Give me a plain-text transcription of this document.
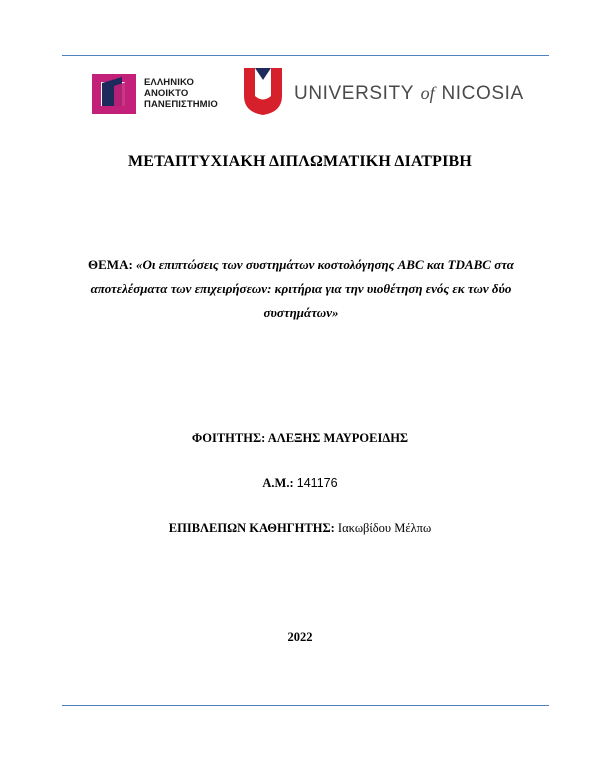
ΕΛΛΗΝΙΚΟ
ΑΝΟΙΚΤΟ
ΠΑΝΕΠΙΣΤΗΜΙΟ
UNIVERSITY of NICOSIA
ΜΕΤΑΠΤΥΧΙΑΚΗ ΔΙΠΛΩΜΑΤΙΚΗ ΔΙΑΤΡΙΒΗ
ΘΕΜΑ: «Οι επιπτώσεις των συστημάτων κοστολόγησης ABC και TDABC στα αποτελέσματα των επιχειρήσεων: κριτήρια για την υιοθέτηση ενός εκ των δύο συστημάτων»
ΦΟΙΤΗΤΗΣ: ΑΛΕΞΗΣ ΜΑΥΡΟΕΙΔΗΣ
Α.Μ.: 141176
ΕΠΙΒΛΕΠΩΝ ΚΑΘΗΓΗΤΗΣ: Ιακωβίδου Μέλπω
2022
